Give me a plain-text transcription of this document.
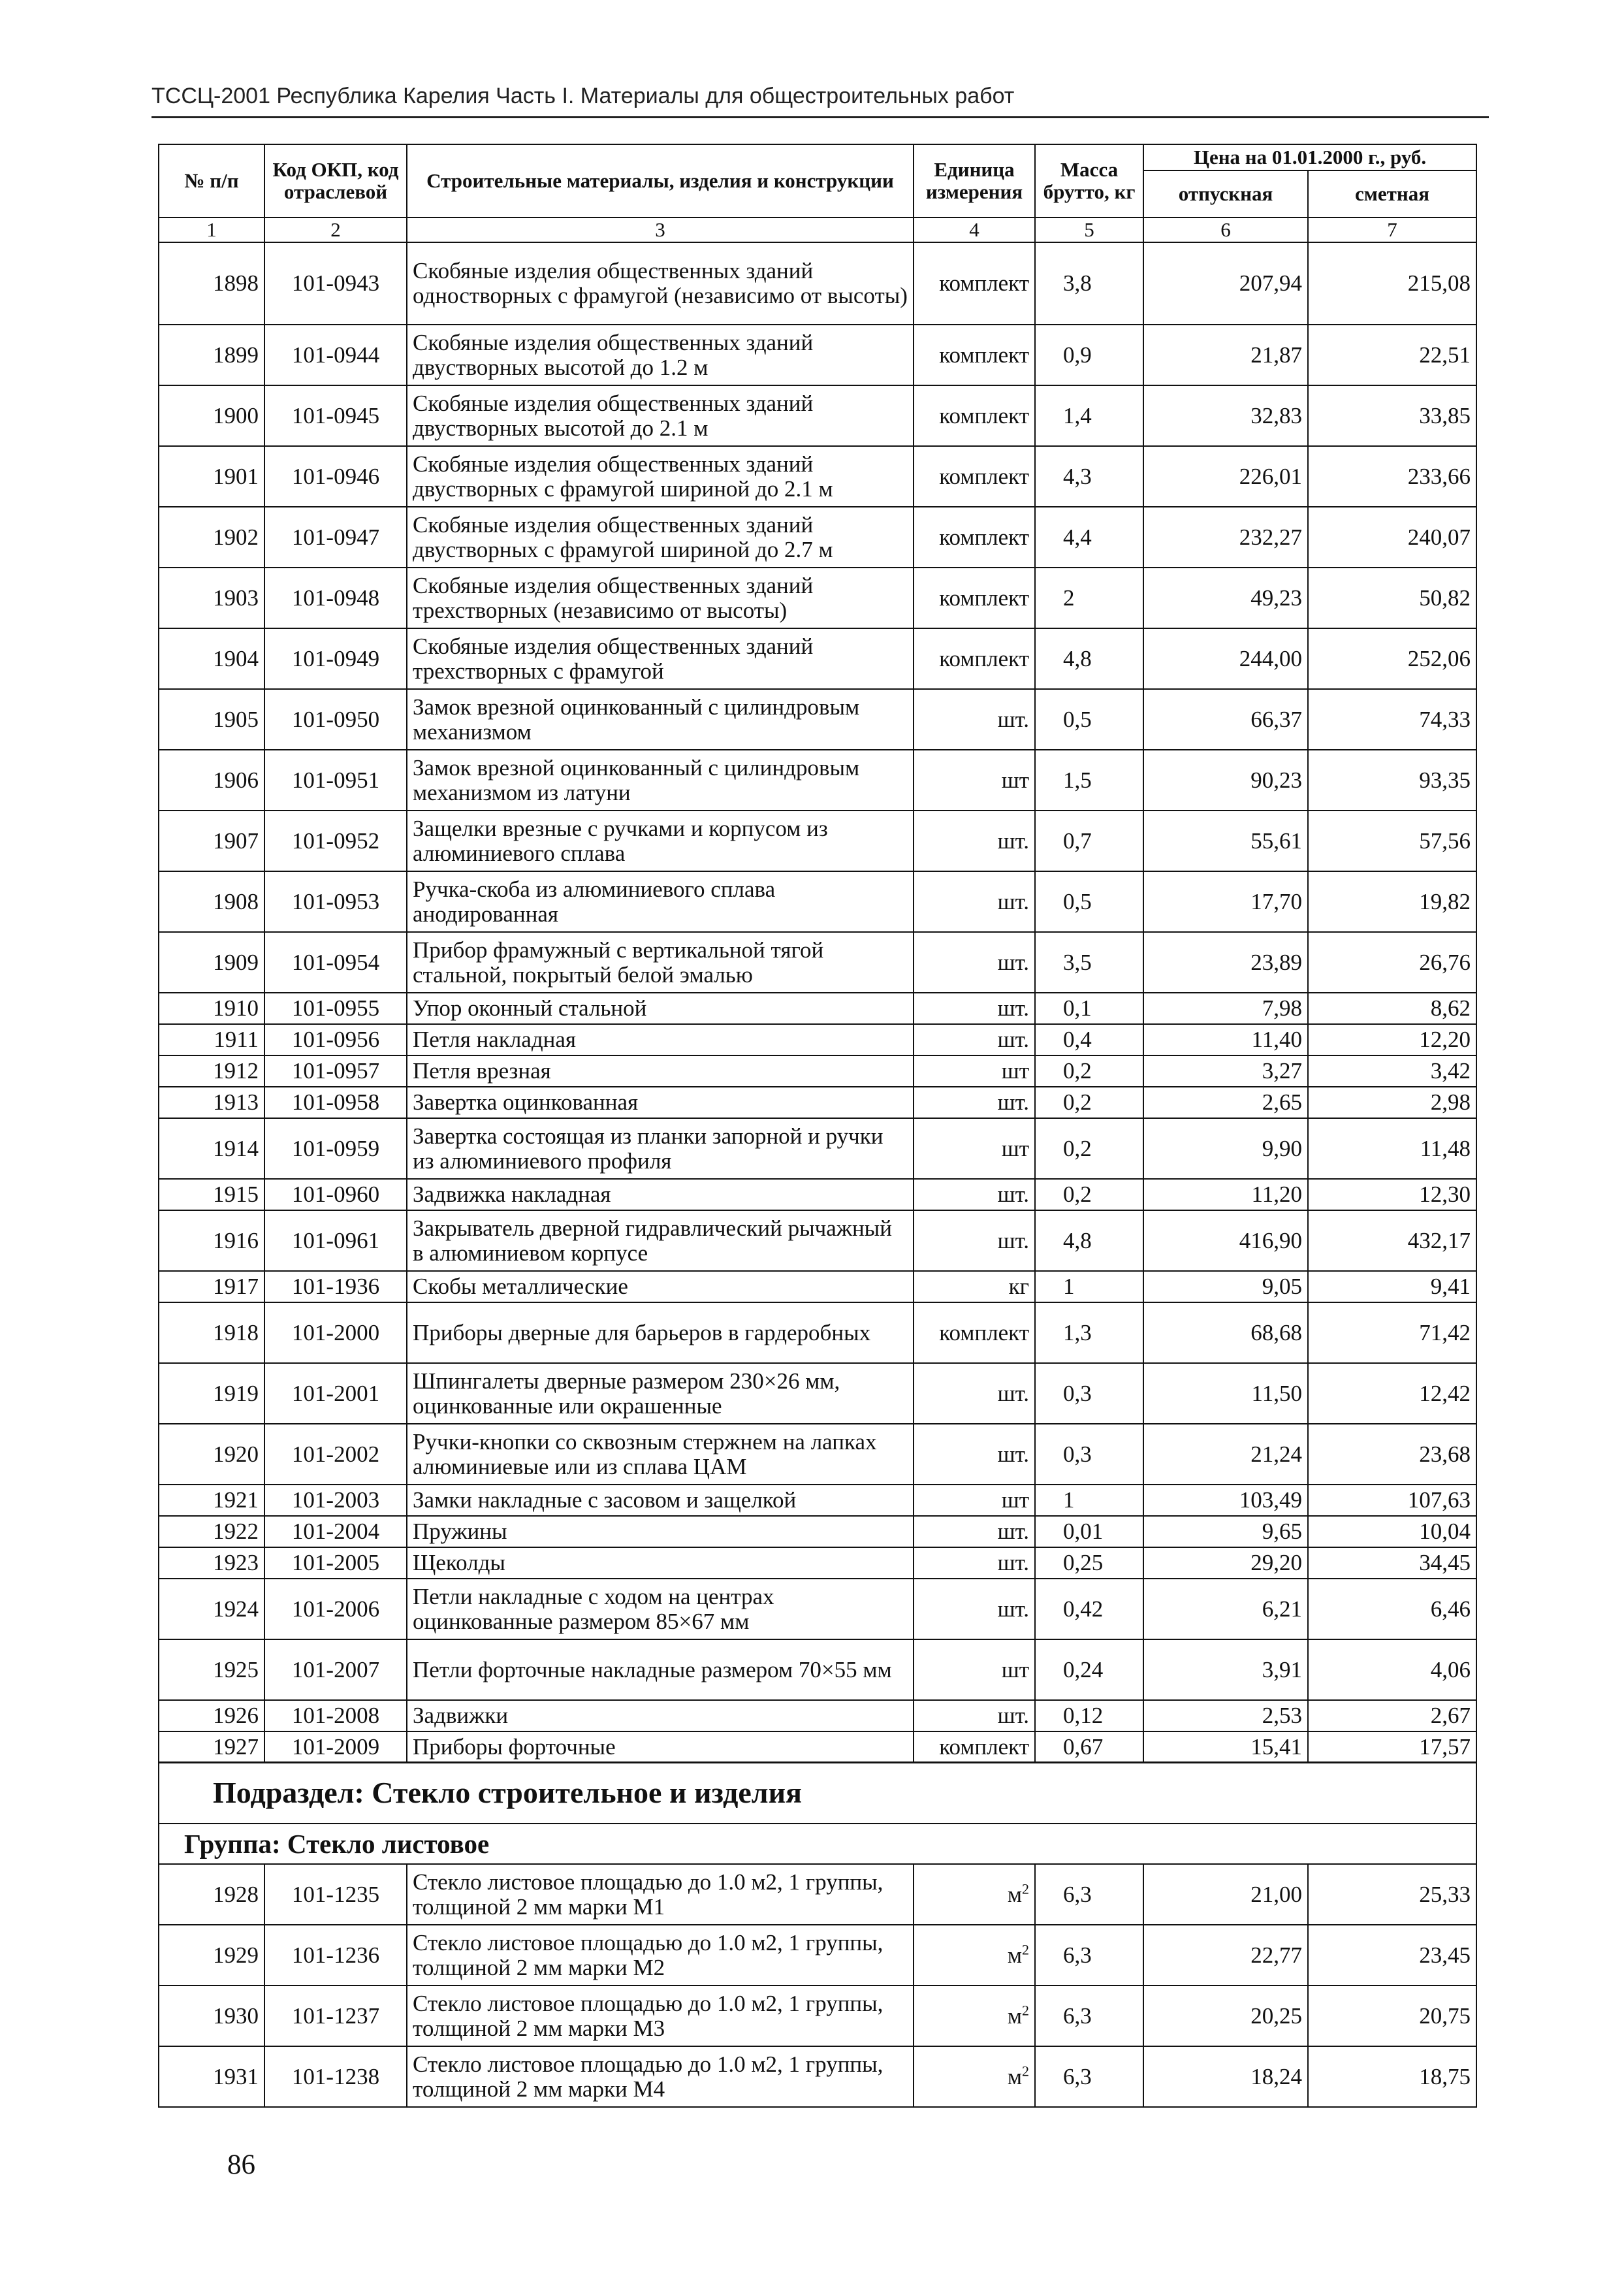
ТССЦ-2001 Республика Карелия Часть I. Материалы для общестроительных работ
№ п/п	Код ОКП, код отраслевой	Строительные материалы, изделия и конструкции	Единица измерения	Масса брутто, кг	Цена на 01.01.2000 г., руб.	
					отпускная	сметная
1	2	3	4	5	6	7
1898	101-0943	Скобяные изделия общественных зданий одностворных с фрамугой (независимо от высоты)	комплект	3,8	207,94	215,08
1899	101-0944	Скобяные изделия общественных зданий двустворных высотой до 1.2 м	комплект	0,9	21,87	22,51
1900	101-0945	Скобяные изделия общественных зданий двустворных высотой до 2.1 м	комплект	1,4	32,83	33,85
1901	101-0946	Скобяные изделия общественных зданий двустворных с фрамугой шириной до 2.1 м	комплект	4,3	226,01	233,66
1902	101-0947	Скобяные изделия общественных зданий двустворных с фрамугой шириной до 2.7 м	комплект	4,4	232,27	240,07
1903	101-0948	Скобяные изделия общественных зданий трехстворных (независимо от высоты)	комплект	2	49,23	50,82
1904	101-0949	Скобяные изделия общественных зданий трехстворных с фрамугой	комплект	4,8	244,00	252,06
1905	101-0950	Замок врезной оцинкованный с цилиндровым механизмом	шт.	0,5	66,37	74,33
1906	101-0951	Замок врезной оцинкованный с цилиндровым механизмом из латуни	шт	1,5	90,23	93,35
1907	101-0952	Защелки врезные с ручками и корпусом из алюминиевого сплава	шт.	0,7	55,61	57,56
1908	101-0953	Ручка-скоба из алюминиевого сплава анодированная	шт.	0,5	17,70	19,82
1909	101-0954	Прибор фрамужный с вертикальной тягой стальной, покрытый белой эмалью	шт.	3,5	23,89	26,76
1910	101-0955	Упор оконный стальной	шт.	0,1	7,98	8,62
1911	101-0956	Петля накладная	шт.	0,4	11,40	12,20
1912	101-0957	Петля врезная	шт	0,2	3,27	3,42
1913	101-0958	Завертка оцинкованная	шт.	0,2	2,65	2,98
1914	101-0959	Завертка состоящая из планки запорной и ручки из алюминиевого профиля	шт	0,2	9,90	11,48
1915	101-0960	Задвижка накладная	шт.	0,2	11,20	12,30
1916	101-0961	Закрыватель дверной гидравлический рычажный в алюминиевом корпусе	шт.	4,8	416,90	432,17
1917	101-1936	Скобы металлические	кг	1	9,05	9,41
1918	101-2000	Приборы дверные для барьеров в гардеробных	комплект	1,3	68,68	71,42
1919	101-2001	Шпингалеты дверные размером 230×26 мм, оцинкованные или окрашенные	шт.	0,3	11,50	12,42
1920	101-2002	Ручки-кнопки со сквозным стержнем на лапках алюминиевые или из сплава ЦАМ	шт.	0,3	21,24	23,68
1921	101-2003	Замки накладные с засовом и защелкой	шт	1	103,49	107,63
1922	101-2004	Пружины	шт.	0,01	9,65	10,04
1923	101-2005	Щеколды	шт.	0,25	29,20	34,45
1924	101-2006	Петли накладные с ходом на центрах оцинкованные размером 85×67 мм	шт.	0,42	6,21	6,46
1925	101-2007	Петли форточные накладные размером 70×55 мм	шт	0,24	3,91	4,06
1926	101-2008	Задвижки	шт.	0,12	2,53	2,67
1927	101-2009	Приборы форточные	комплект	0,67	15,41	17,57
Подраздел: Стекло строительное и изделия						
Группа: Стекло листовое						
1928	101-1235	Стекло листовое площадью до 1.0 м2, 1 группы, толщиной 2 мм марки М1	$м^2$	6,3	21,00	25,33
1929	101-1236	Стекло листовое площадью до 1.0 м2, 1 группы, толщиной 2 мм марки М2	$м^2$	6,3	22,77	23,45
1930	101-1237	Стекло листовое площадью до 1.0 м2, 1 группы, толщиной 2 мм марки М3	$м^2$	6,3	20,25	20,75
1931	101-1238	Стекло листовое площадью до 1.0 м2, 1 группы, толщиной 2 мм марки М4	$м^2$	6,3	18,24	18,75
86
